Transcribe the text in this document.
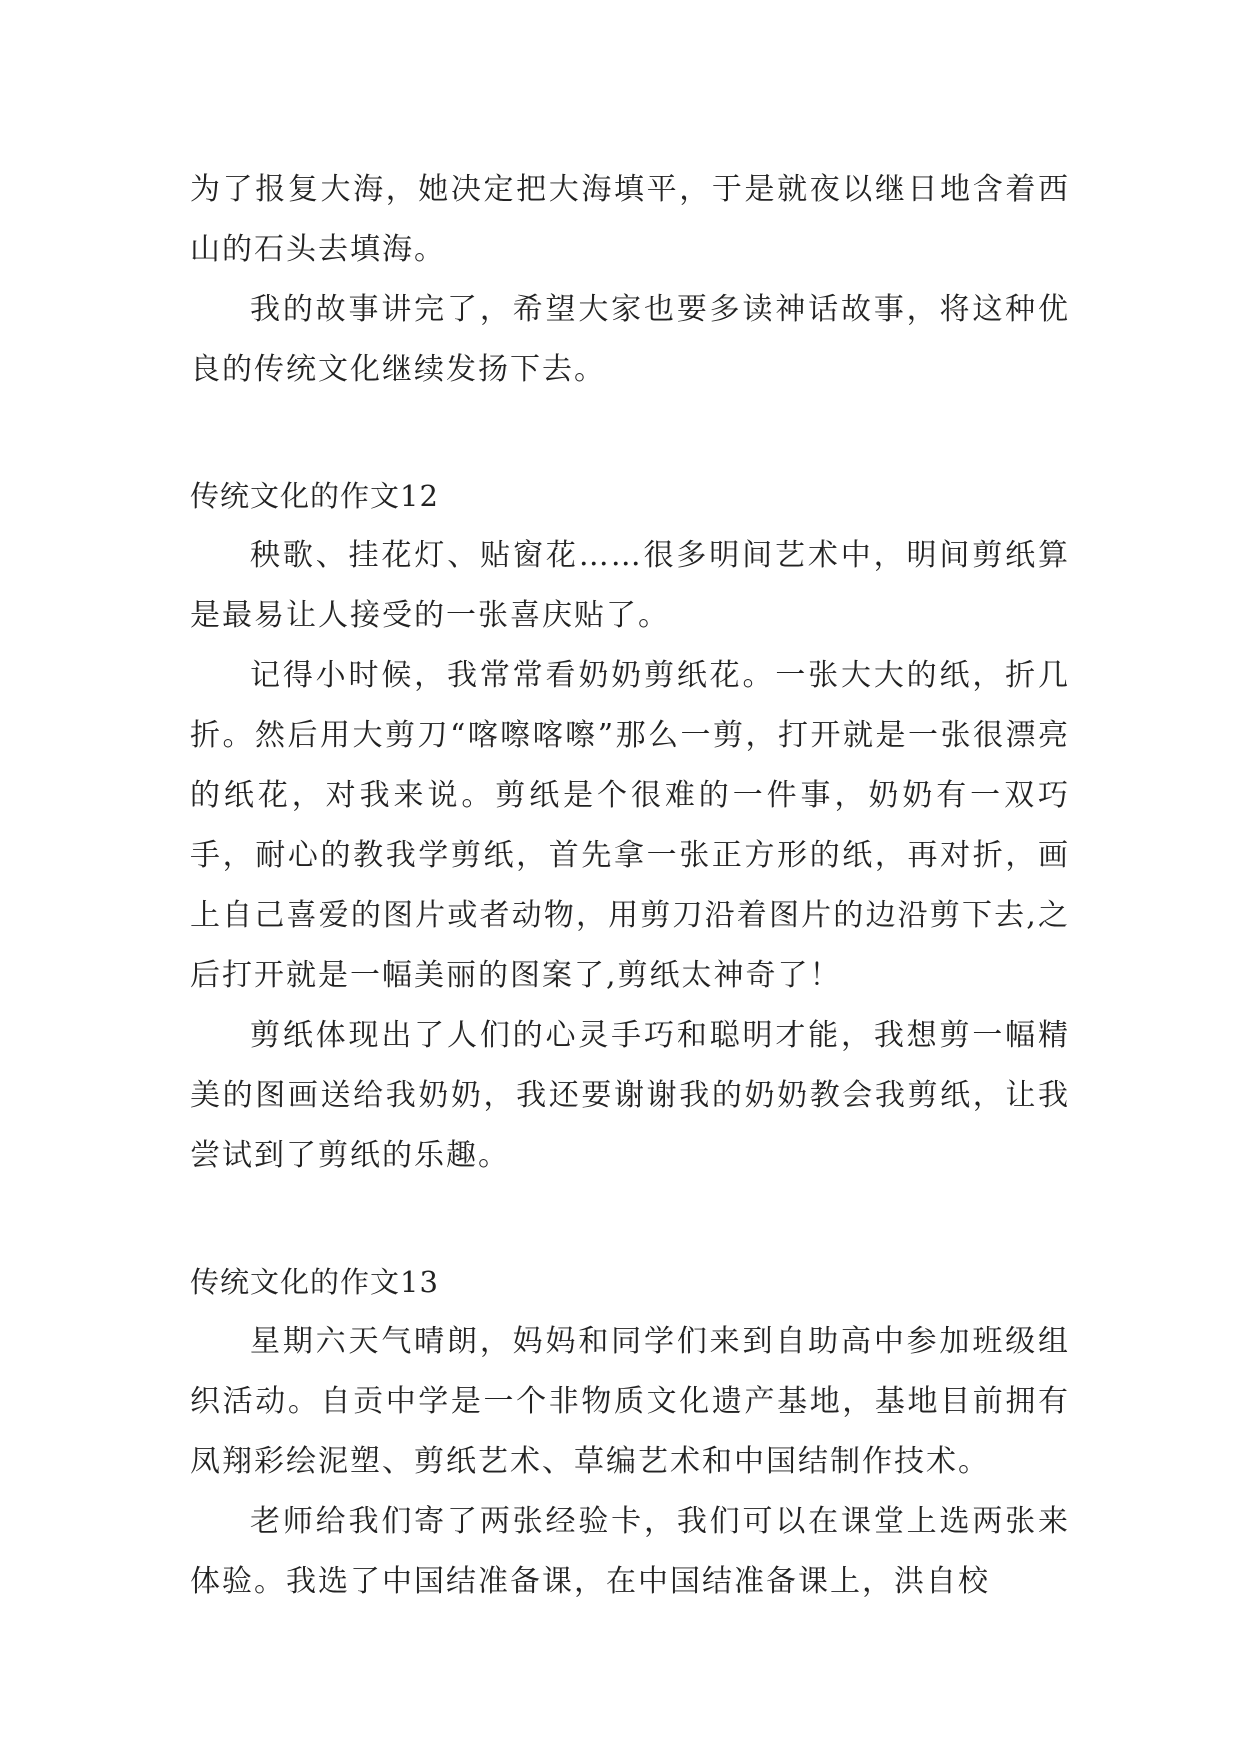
为了报复大海，她决定把大海填平，于是就夜以继日地含着西山的石头去填海。

我的故事讲完了，希望大家也要多读神话故事，将这种优良的传统文化继续发扬下去。

传统文化的作文12

秧歌、挂花灯、贴窗花……很多明间艺术中，明间剪纸算是最易让人接受的一张喜庆贴了。

记得小时候，我常常看奶奶剪纸花。一张大大的纸，折几折。然后用大剪刀“喀嚓喀嚓”那么一剪，打开就是一张很漂亮的纸花，对我来说。剪纸是个很难的一件事，奶奶有一双巧手，耐心的教我学剪纸，首先拿一张正方形的纸，再对折，画上自己喜爱的图片或者动物，用剪刀沿着图片的边沿剪下去,之后打开就是一幅美丽的图案了,剪纸太神奇了！

剪纸体现出了人们的心灵手巧和聪明才能，我想剪一幅精美的图画送给我奶奶，我还要谢谢我的奶奶教会我剪纸，让我尝试到了剪纸的乐趣。

传统文化的作文13

星期六天气晴朗，妈妈和同学们来到自助高中参加班级组织活动。自贡中学是一个非物质文化遗产基地，基地目前拥有凤翔彩绘泥塑、剪纸艺术、草编艺术和中国结制作技术。

老师给我们寄了两张经验卡，我们可以在课堂上选两张来体验。我选了中国结准备课，在中国结准备课上，洪自校
